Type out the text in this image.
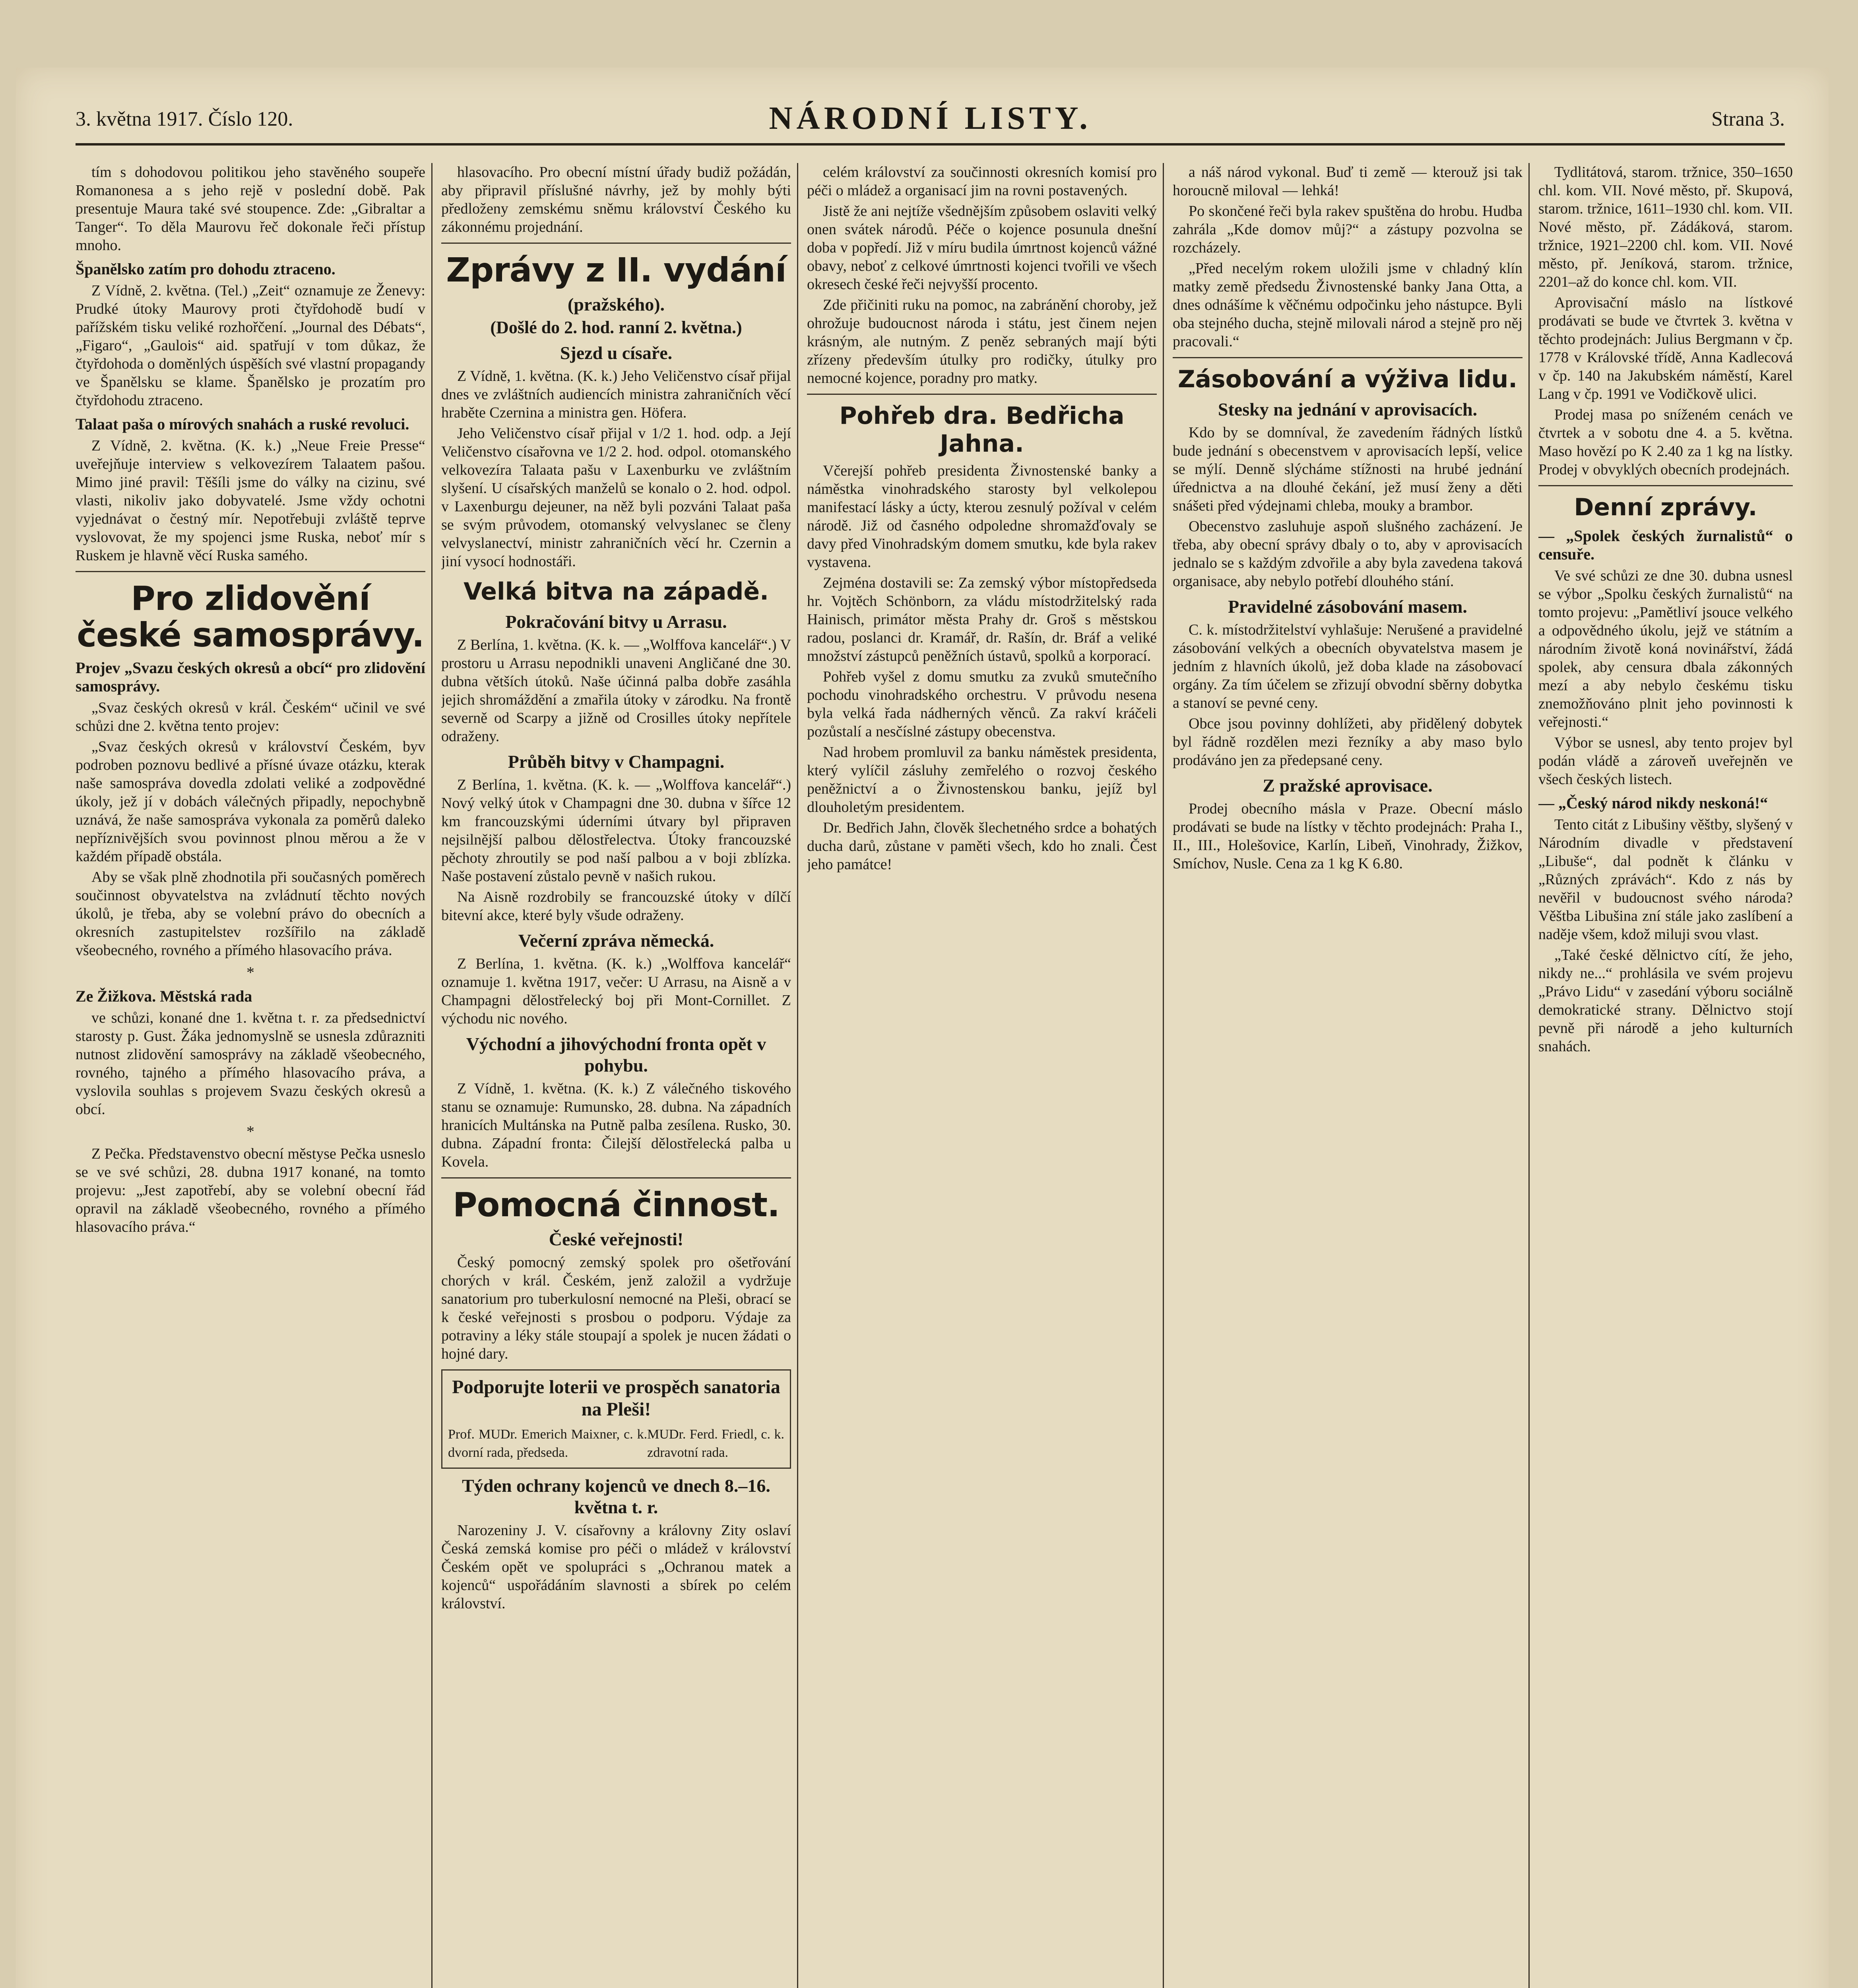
3. května 1917. Číslo 120.	NÁRODNÍ LISTY.	Strana 3.

tím s dohodovou politikou jeho stavěného soupeře Romanonesa a s jeho rejě v poslední době. Pak presentuje Maura také své stoupence. Zde: „Gibraltar a Tanger“. To děla Maurovu řeč dokonale řeči přístup mnoho.

Španělsko zatím pro dohodu ztraceno.

Z Vídně, 2. května. (Tel.) „Zeit“ oznamuje ze Ženevy: Prudké útoky Maurovy proti čtyřdohodě budí v pařížském tisku veliké rozhořčení. „Journal des Débats“, „Figaro“, „Gaulois“ aid. spatřují v tom důkaz, že čtyřdohoda o doměnlých úspěších své vlastní propagandy ve Španělsku se klame. Španělsko je prozatím pro čtyřdohodu ztraceno.

Talaat paša o mírových snahách a ruské revoluci.

Z Vídně, 2. května. (K. k.) „Neue Freie Presse“ uveřejňuje interview s velkovezírem Talaatem pašou. Mimo jiné pravil: Těšíli jsme do války na cizinu, své vlasti, nikoliv jako dobyvatelé. Jsme vždy ochotni vyjednávat o čestný mír. Nepotřebuji zvláště teprve vyslovovat, že my spojenci jsme Ruska, neboť mír s Ruskem je hlavně věcí Ruska samého.

Pro zlidovění české samosprávy.

Projev „Svazu českých okresů a obcí“ pro zlidovění samosprávy.

„Svaz českých okresů v král. Českém“ učinil ve své schůzi dne 2. května tento projev:

„Svaz českých okresů v království Českém, byv podroben poznovu bedlivé a přísné úvaze otázku, kterak naše samospráva dovedla zdolati veliké a zodpovědné úkoly, jež jí v dobách válečných připadly, nepochybně uznává, že naše samospráva vykonala za poměrů daleko nepříznivějších svou povinnost plnou měrou a že v každém případě obstála.

Aby se však plně zhodnotila při současných poměrech součinnost obyvatelstva na zvládnutí těchto nových úkolů, je třeba, aby se volební právo do obecních a okresních zastupitelstev rozšířilo na základě všeobecného, rovného a přímého hlasovacího práva.

*

Ze Žižkova. Městská rada

ve schůzi, konané dne 1. května t. r. za předsednictví starosty p. Gust. Žáka jednomyslně se usnesla zdůrazniti nutnost zlidovění samosprávy na základě všeobecného, rovného, tajného a přímého hlasovacího práva, a vyslovila souhlas s projevem Svazu českých okresů a obcí.

*

Z Pečka. Představenstvo obecní městyse Pečka usneslo se ve své schůzi, 28. dubna 1917 konané, na tomto projevu: „Jest zapotřebí, aby se volební obecní řád opravil na základě všeobecného, rovného a přímého hlasovacího práva.“

hlasovacího. Pro obecní místní úřady budiž požádán, aby připravil příslušné návrhy, jež by mohly býti předloženy zemskému sněmu království Českého ku zákonnému projednání.

Zprávy z II. vydání
(pražského).
(Došlé do 2. hod. ranní 2. května.)
Sjezd u císaře.

Z Vídně, 1. května. (K. k.) Jeho Veličenstvo císař přijal dnes ve zvláštních audiencích ministra zahraničních věcí hraběte Czernina a ministra gen. Höfera.

Jeho Veličenstvo císař přijal v 1/2 1. hod. odp. a Její Veličenstvo císařovna ve 1/2 2. hod. odpol. otomanského velkovezíra Talaata pašu v Laxenburku ve zvláštním slyšení. U císařských manželů se konalo o 2. hod. odpol. v Laxenburgu dejeuner, na něž byli pozváni Talaat paša se svým průvodem, otomanský velvyslanec se členy velvyslanectví, ministr zahraničních věcí hr. Czernin a jiní vysocí hodnostáři.

Velká bitva na západě.
Pokračování bitvy u Arrasu.

Z Berlína, 1. května. (K. k. — „Wolffova kancelář“.) V prostoru u Arrasu nepodnikli unaveni Angličané dne 30. dubna větších útoků. Naše účinná palba dobře zasáhla jejich shromáždění a zmařila útoky v zárodku. Na frontě severně od Scarpy a jižně od Crosilles útoky nepřítele odraženy.

Průběh bitvy v Champagni.

Z Berlína, 1. května. (K. k. — „Wolffova kancelář“.) Nový velký útok v Champagni dne 30. dubna v šířce 12 km francouzskými úderními útvary byl připraven nejsilnější palbou dělostřelectva. Útoky francouzské pěchoty zhroutily se pod naší palbou a v boji zblízka. Naše postavení zůstalo pevně v našich rukou.

Na Aisně rozdrobily se francouzské útoky v dílčí bitevní akce, které byly všude odraženy.

Večerní zpráva německá.

Z Berlína, 1. května. (K. k.) „Wolffova kancelář“ oznamuje 1. května 1917, večer: U Arrasu, na Aisně a v Champagni dělostřelecký boj při Mont-Cornillet. Z východu nic nového.

Východní a jihovýchodní fronta opět v pohybu.

Z Vídně, 1. května. (K. k.) Z válečného tiskového stanu se oznamuje: Rumunsko, 28. dubna. Na západních hranicích Multánska na Putně palba zesílena. Rusko, 30. dubna. Západní fronta: Čilejší dělostřelecká palba u Kovela.

Pomocná činnost.
České veřejnosti!

Český pomocný zemský spolek pro ošetřování chorých v král. Českém, jenž založil a vydržuje sanatorium pro tuberkulosní nemocné na Pleši, obrací se k české veřejnosti s prosbou o podporu. Výdaje za potraviny a léky stále stoupají a spolek je nucen žádati o hojné dary.

Podporujte loterii ve prospěch sanatoria na Pleši!
Prof. MUDr. Emerich Maixner, c. k. dvorní rada, předseda.
MUDr. Ferd. Friedl, c. k. zdravotní rada.
Týden ochrany kojenců ve dnech 8.–16. května t. r.

Narozeniny J. V. císařovny a královny Zity oslaví Česká zemská komise pro péči o mládež v království Českém opět ve spolupráci s „Ochranou matek a kojenců“ uspořádáním slavnosti a sbírek po celém království.

celém království za součinnosti okresních komisí pro péči o mládež a organisací jim na rovni postavených.

Jistě že ani nejtíže všednějším způsobem oslaviti velký onen svátek národů. Péče o kojence posunula dnešní doba v popředí. Již v míru budila úmrtnost kojenců vážné obavy, neboť z celkové úmrtnosti kojenci tvořili ve všech okresech české řeči nejvyšší procento.

Zde přičiniti ruku na pomoc, na zabránění choroby, jež ohrožuje budoucnost národa i státu, jest činem nejen krásným, ale nutným. Z peněz sebraných mají býti zřízeny především útulky pro rodičky, útulky pro nemocné kojence, poradny pro matky.

Pohřeb dra. Bedřicha Jahna.

Včerejší pohřeb presidenta Živnostenské banky a náměstka vinohradského starosty byl velkolepou manifestací lásky a úcty, kterou zesnulý požíval v celém národě. Již od časného odpoledne shromažďovaly se davy před Vinohradským domem smutku, kde byla rakev vystavena.

Zejména dostavili se: Za zemský výbor místopředseda hr. Vojtěch Schönborn, za vládu místodržitelský rada Hainisch, primátor města Prahy dr. Groš s městskou radou, poslanci dr. Kramář, dr. Rašín, dr. Bráf a veliké množství zástupců peněžních ústavů, spolků a korporací.

Pohřeb vyšel z domu smutku za zvuků smutečního pochodu vinohradského orchestru. V průvodu nesena byla velká řada nádherných věnců. Za rakví kráčeli pozůstalí a nesčíslné zástupy obecenstva.

Nad hrobem promluvil za banku náměstek presidenta, který vylíčil zásluhy zemřelého o rozvoj českého peněžnictví a o Živnostenskou banku, jejíž byl dlouholetým presidentem.

Dr. Bedřich Jahn, člověk šlechetného srdce a bohatých ducha darů, zůstane v paměti všech, kdo ho znali. Čest jeho památce!

a náš národ vykonal. Buď ti země — kterouž jsi tak horoucně miloval — lehká!

Po skončené řeči byla rakev spuštěna do hrobu. Hudba zahrála „Kde domov můj?“ a zástupy pozvolna se rozcházely.

„Před necelým rokem uložili jsme v chladný klín matky země předsedu Živnostenské banky Jana Otta, a dnes odnášíme k věčnému odpočinku jeho nástupce. Byli oba stejného ducha, stejně milovali národ a stejně pro něj pracovali.“

Zásobování a výživa lidu.
Stesky na jednání v aprovisacích.

Kdo by se domníval, že zavedením řádných lístků bude jednání s obecenstvem v aprovisacích lepší, velice se mýlí. Denně slýcháme stížnosti na hrubé jednání úřednictva a na dlouhé čekání, jež musí ženy a děti snášeti před výdejnami chleba, mouky a brambor.

Obecenstvo zasluhuje aspoň slušného zacházení. Je třeba, aby obecní správy dbaly o to, aby v aprovisacích jednalo se s každým zdvořile a aby byla zavedena taková organisace, aby nebylo potřebí dlouhého stání.

Pravidelné zásobování masem.

C. k. místodržitelství vyhlašuje: Nerušené a pravidelné zásobování velkých a obecních obyvatelstva masem je jedním z hlavních úkolů, jež doba klade na zásobovací orgány. Za tím účelem se zřizují obvodní sběrny dobytka a stanoví se pevné ceny.

Obce jsou povinny dohlížeti, aby přidělený dobytek byl řádně rozdělen mezi řezníky a aby maso bylo prodáváno jen za předepsané ceny.

Z pražské aprovisace.

Prodej obecního másla v Praze. Obecní máslo prodávati se bude na lístky v těchto prodejnách: Praha I., II., III., Holešovice, Karlín, Libeň, Vinohrady, Žižkov, Smíchov, Nusle. Cena za 1 kg K 6.80.

Tydlitátová, starom. tržnice, 350–1650 chl. kom. VII. Nové město, př. Skupová, starom. tržnice, 1611–1930 chl. kom. VII. Nové město, př. Zádáková, starom. tržnice, 1921–2200 chl. kom. VII. Nové město, př. Jeníková, starom. tržnice, 2201–až do konce chl. kom. VII.

Aprovisační máslo na lístkové prodávati se bude ve čtvrtek 3. května v těchto prodejnách: Julius Bergmann v čp. 1778 v Královské třídě, Anna Kadlecová v čp. 140 na Jakubském náměstí, Karel Lang v čp. 1991 ve Vodičkově ulici.

Prodej masa po sníženém cenách ve čtvrtek a v sobotu dne 4. a 5. května. Maso hovězí po K 2.40 za 1 kg na lístky. Prodej v obvyklých obecních prodejnách.

Denní zprávy.

— „Spolek českých žurnalistů“ o censuře.

Ve své schůzi ze dne 30. dubna usnesl se výbor „Spolku českých žurnalistů“ na tomto projevu: „Pamětliví jsouce velkého a odpovědného úkolu, jejž ve státním a národním životě koná novinářství, žádá spolek, aby censura dbala zákonných mezí a aby nebylo českému tisku znemožňováno plnit jeho povinnosti k veřejnosti.“

Výbor se usnesl, aby tento projev byl podán vládě a zároveň uveřejněn ve všech českých listech.

— „Český národ nikdy neskoná!“

Tento citát z Libušiny věštby, slyšený v Národním divadle v představení „Libuše“, dal podnět k článku v „Různých zprávách“. Kdo z nás by nevěřil v budoucnost svého národa? Věštba Libušina zní stále jako zaslíbení a naděje všem, kdož miluji svou vlast.

„Také české dělnictvo cítí, že jeho, nikdy ne...“ prohlásila ve svém projevu „Právo Lidu“ v zasedání výboru sociálně demokratické strany. Dělnictvo stojí pevně při národě a jeho kulturních snahách.
